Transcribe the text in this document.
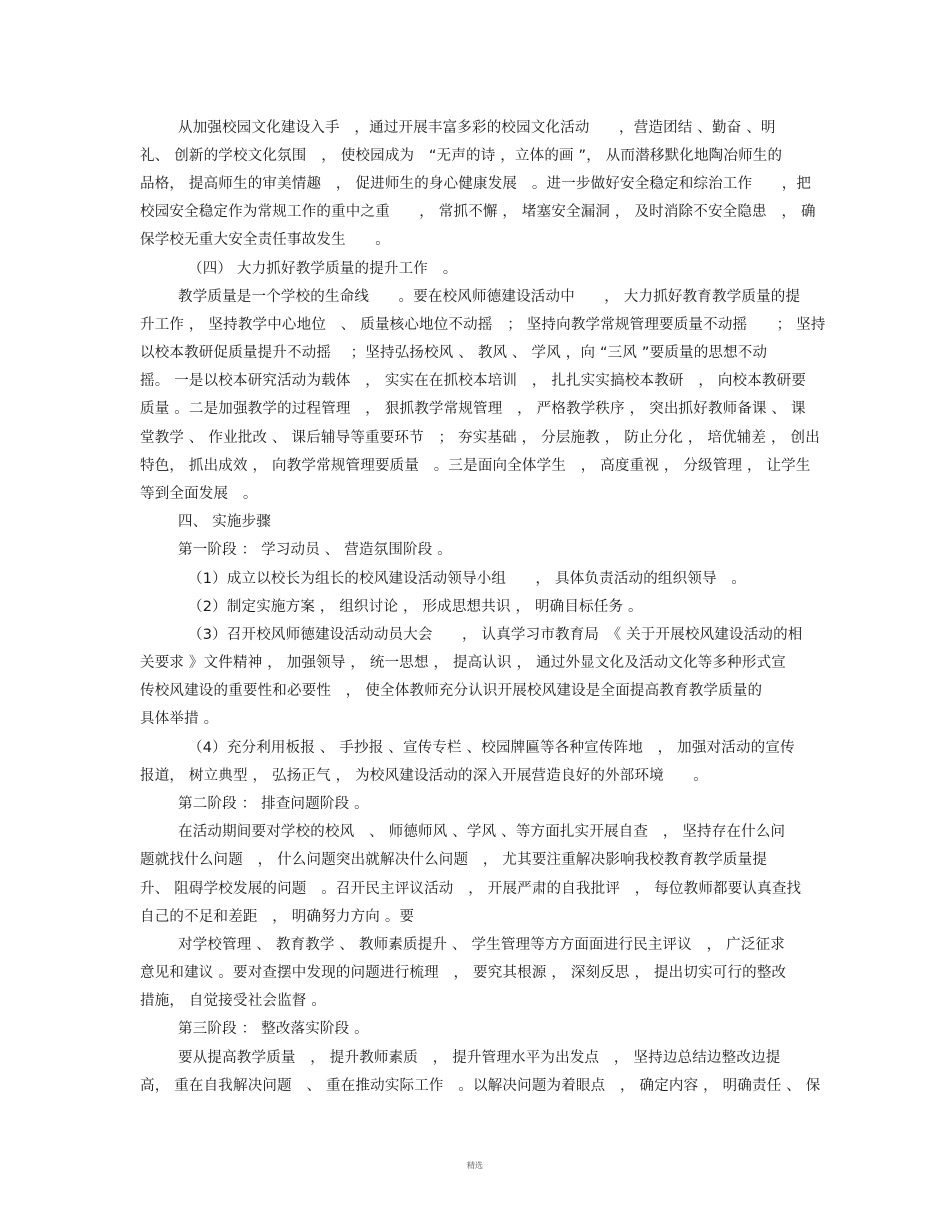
从加强校园文化建设入手　，通过开展丰富多彩的校园文化活动　　，营造团结 、勤奋 、明
礼、 创新的学校文化氛围　， 使校园成为　“无声的诗 ，立体的画 ”， 从而潜移默化地陶冶师生的
品格， 提高师生的审美情趣　， 促进师生的身心健康发展　。进一步做好安全稳定和综治工作　　，把
校园安全稳定作为常规工作的重中之重　　， 常抓不懈 ， 堵塞安全漏洞 ， 及时消除不安全隐患　， 确
保学校无重大安全责任事故发生　　。
（四） 大力抓好教学质量的提升工作　。
教学质量是一个学校的生命线　　。要在校风师德建设活动中　　， 大力抓好教育教学质量的提
升工作 ， 坚持教学中心地位　、 质量核心地位不动摇　； 坚持向教学常规管理要质量不动摇　　； 坚持
以校本教研促质量提升不动摇　 ；坚持弘扬校风 、 教风 、 学风 ，向 “三风 ”要质量的思想不动
摇。 一是以校本研究活动为载体　， 实实在在抓校本培训　， 扎扎实实搞校本教研　， 向校本教研要
质量 。二是加强教学的过程管理　， 狠抓教学常规管理　， 严格教学秩序 ， 突出抓好教师备课 、 课
堂教学 、 作业批改 、 课后辅导等重要环节　； 夯实基础 ， 分层施教 ， 防止分化 ， 培优辅差 ， 创出
特色， 抓出成效 ， 向教学常规管理要质量　。三是面向全体学生　， 高度重视 ， 分级管理 ， 让学生
等到全面发展　。
四、 实施步骤
第一阶段 ： 学习动员 、 营造氛围阶段 。
（1）成立以校长为组长的校风建设活动领导小组　　， 具体负责活动的组织领导　。
（2）制定实施方案 ， 组织讨论 ， 形成思想共识 ， 明确目标任务 。
（3）召开校风师德建设活动动员大会　　， 认真学习市教育局　《 关于开展校风建设活动的相
关要求 》文件精神 ， 加强领导 ， 统一思想 ， 提高认识 ， 通过外显文化及活动文化等多种形式宣
传校风建设的重要性和必要性　， 使全体教师充分认识开展校风建设是全面提高教育教学质量的
具体举措 。
（4）充分利用板报 、 手抄报 、宣传专栏 、校园牌匾等各种宣传阵地　， 加强对活动的宣传
报道， 树立典型 ， 弘扬正气 ， 为校风建设活动的深入开展营造良好的外部环境　　。
第二阶段 ： 排查问题阶段 。
在活动期间要对学校的校风　、 师德师风 、学风 、等方面扎实开展自查　， 坚持存在什么问
题就找什么问题　， 什么问题突出就解决什么问题　， 尤其要注重解决影响我校教育教学质量提
升、 阻碍学校发展的问题　。召开民主评议活动　， 开展严肃的自我批评　， 每位教师都要认真查找
自己的不足和差距　， 明确努力方向 。要
对学校管理 、 教育教学 、 教师素质提升 、 学生管理等方方面面进行民主评议　， 广泛征求
意见和建议 。要对查摆中发现的问题进行梳理　， 要究其根源 ， 深刻反思 ， 提出切实可行的整改
措施， 自觉接受社会监督 。
第三阶段 ： 整改落实阶段 。
要从提高教学质量　， 提升教师素质　， 提升管理水平为出发点　， 坚持边总结边整改边提
高， 重在自我解决问题　、 重在推动实际工作　。以解决问题为着眼点　， 确定内容 ， 明确责任 、 保
精选
